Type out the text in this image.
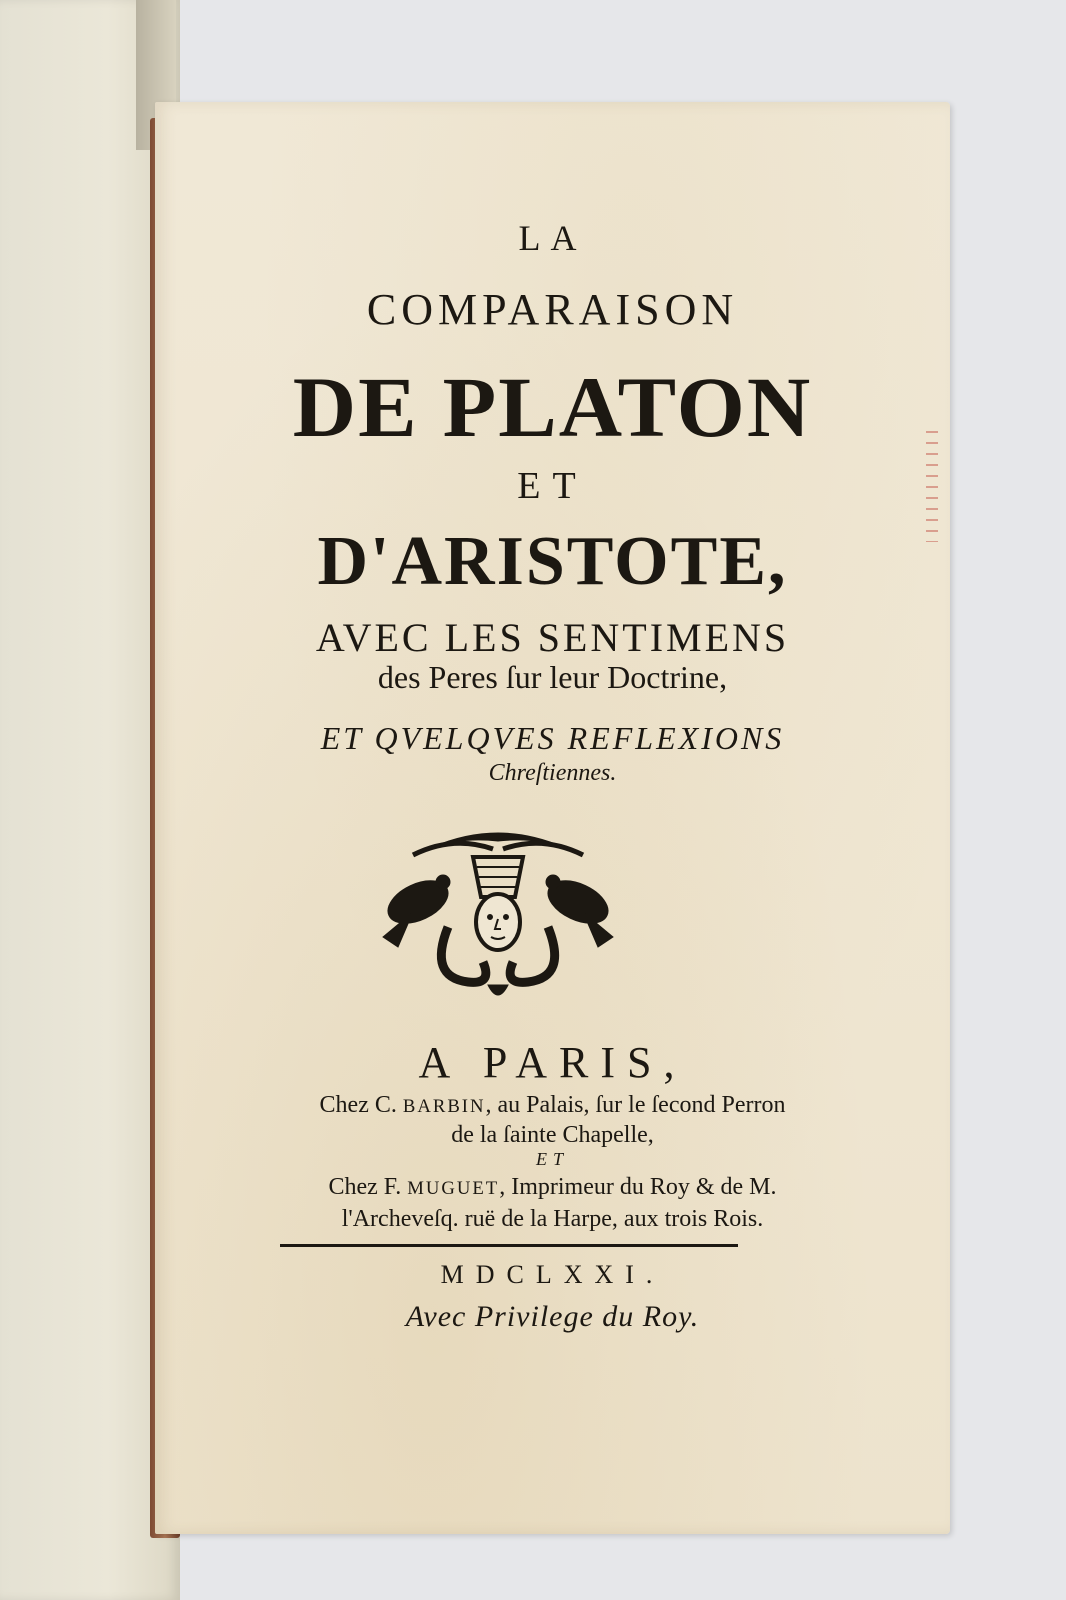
LA
COMPARAISON
DE PLATON
ET
D'ARISTOTE,
AVEC LES SENTIMENS
des Peres ſur leur Doctrine,
ET QVELQVES REFLEXIONS
Chreſtiennes.
A PARIS,
Chez C. BARBIN, au Palais, ſur le ſecond Perron
de la ſainte Chapelle,
ET
Chez F. MUGUET, Imprimeur du Roy & de M.
l'Archeveſq. ruë de la Harpe, aux trois Rois.
MDCLXXI.
Avec Privilege du Roy.
